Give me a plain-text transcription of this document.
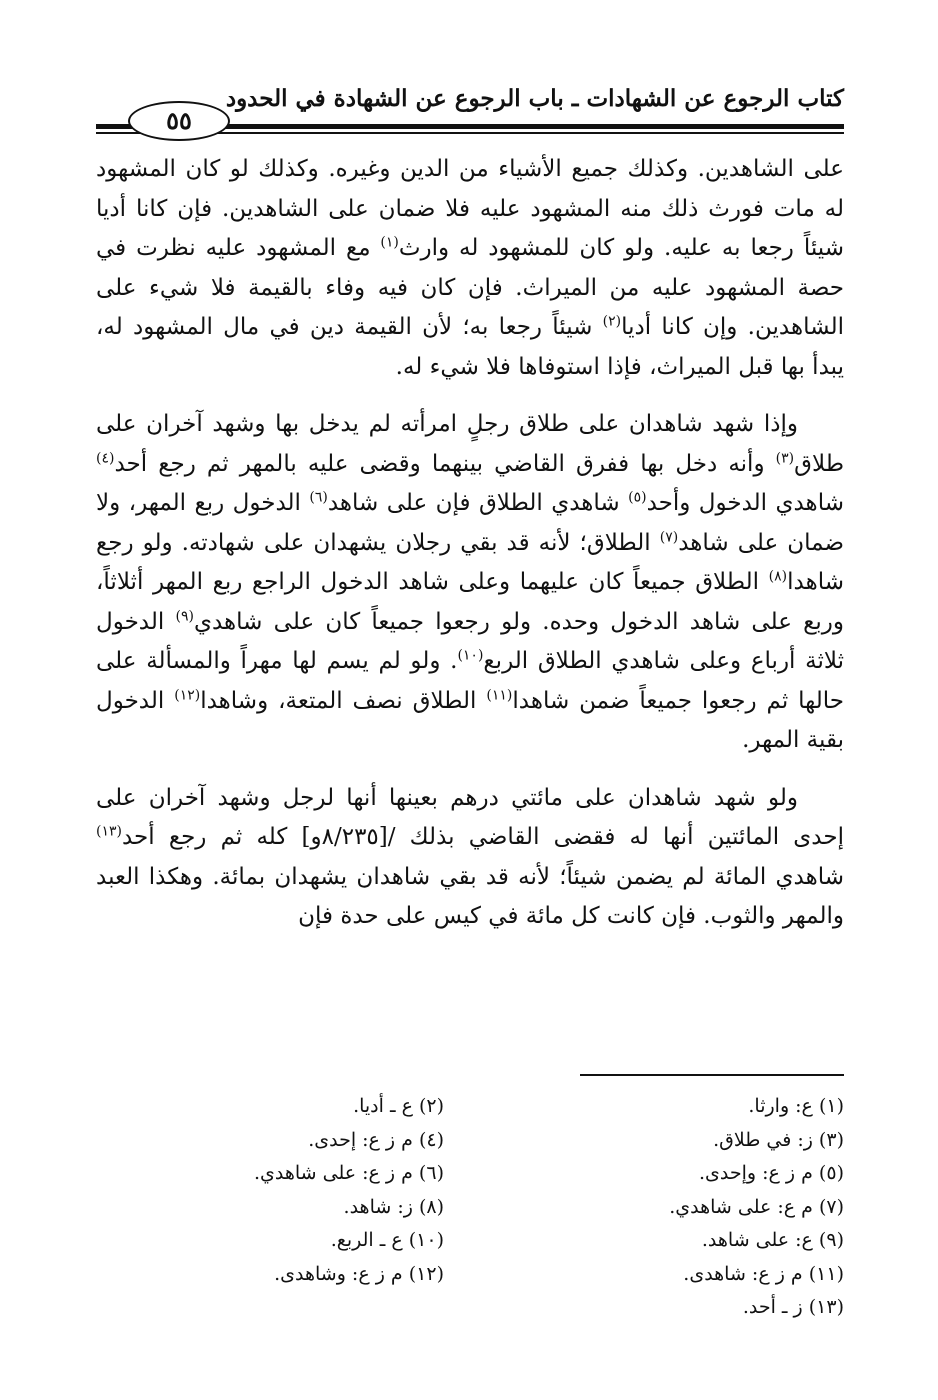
كتاب الرجوع عن الشهادات ـ باب الرجوع عن الشهادة في الحدود
٥٥

على الشاهدين. وكذلك جميع الأشياء من الدين وغيره. وكذلك لو كان المشهود له مات فورث ذلك منه المشهود عليه فلا ضمان على الشاهدين. فإن كانا أديا شيئاً رجعا به عليه. ولو كان للمشهود له وارث$^{(١)}$ مع المشهود عليه نظرت في حصة المشهود عليه من الميراث. فإن كان فيه وفاء بالقيمة فلا شيء على الشاهدين. وإن كانا أديا$^{(٢)}$ شيئاً رجعا به؛ لأن القيمة دين في مال المشهود له، يبدأ بها قبل الميراث، فإذا استوفاها فلا شيء له.

وإذا شهد شاهدان على طلاق رجلٍ امرأته لم يدخل بها وشهد آخران على طلاق$^{(٣)}$ وأنه دخل بها ففرق القاضي بينهما وقضى عليه بالمهر ثم رجع أحد$^{(٤)}$ شاهدي الدخول وأحد$^{(٥)}$ شاهدي الطلاق فإن على شاهد$^{(٦)}$ الدخول ربع المهر، ولا ضمان على شاهد$^{(٧)}$ الطلاق؛ لأنه قد بقي رجلان يشهدان على شهادته. ولو رجع شاهدا$^{(٨)}$ الطلاق جميعاً كان عليهما وعلى شاهد الدخول الراجع ربع المهر أثلاثاً، وربع على شاهد الدخول وحده. ولو رجعوا جميعاً كان على شاهدي$^{(٩)}$ الدخول ثلاثة أرباع وعلى شاهدي الطلاق الربع$^{(١٠)}$. ولو لم يسم لها مهراً والمسألة على حالها ثم رجعوا جميعاً ضمن شاهدا$^{(١١)}$ الطلاق نصف المتعة، وشاهدا$^{(١٢)}$ الدخول بقية المهر.

ولو شهد شاهدان على مائتي درهم بعينها أنها لرجل وشهد آخران على إحدى المائتين أنها له فقضى القاضي بذلك /[٨/٢٣٥و] كله ثم رجع أحد$^{(١٣)}$ شاهدي المائة لم يضمن شيئاً؛ لأنه قد بقي شاهدان يشهدان بمائة. وهكذا العبد والمهر والثوب. فإن كانت كل مائة في كيس على حدة فإن

(١) ع: وارثا.
(٣) ز: في طلاق.
(٥) م ز ع: وإحدى.
(٧) م ع: على شاهدي.
(٩) ع: على شاهد.
(١١) م ز ع: شاهدى.
(١٣) ز ـ أحد.
(٢) ع ـ أديا.
(٤) م ز ع: إحدى.
(٦) م ز ع: على شاهدي.
(٨) ز: شاهد.
(١٠) ع ـ الربع.
(١٢) م ز ع: وشاهدى.
